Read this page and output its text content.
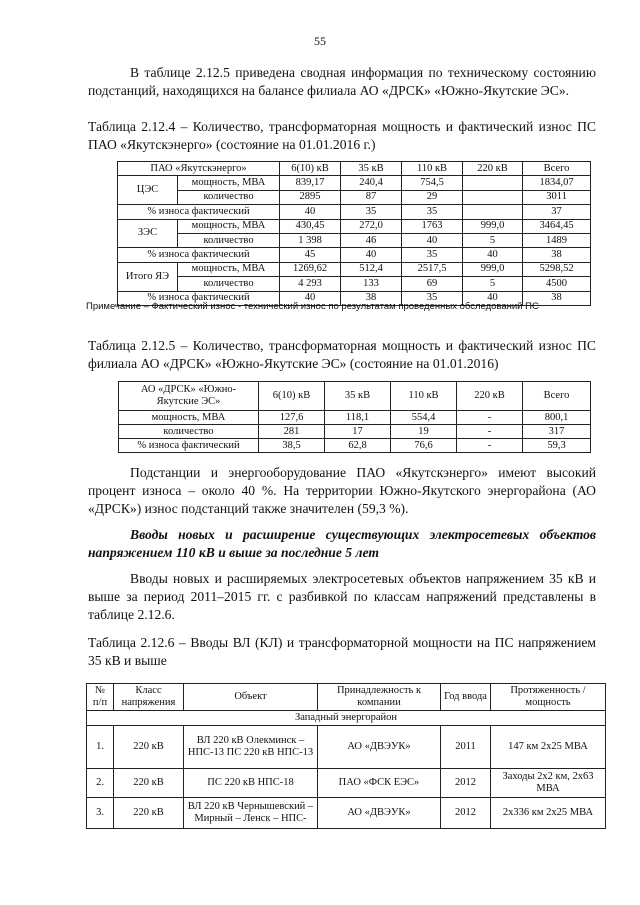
55
В таблице 2.12.5 приведена сводная информация по техническому состоянию подстанций, находящихся на балансе филиала АО «ДРСК» «Южно-Якутские ЭС».
Таблица 2.12.4 – Количество, трансформаторная мощность и фактический износ ПС ПАО «Якутскэнерго» (состояние на 01.01.2016 г.)
ПАО «Якутскэнерго»		6(10) кВ	35 кВ	110 кВ	220 кВ	Всего
ЦЭС	мощность, МВА	839,17	240,4	754,5		1834,07
	количество	2895	87	29		3011
% износа фактический		40	35	35		37
ЗЭС	мощность, МВА	430,45	272,0	1763	999,0	3464,45
	количество	1 398	46	40	5	1489
% износа фактический		45	40	35	40	38
Итого ЯЭ	мощность, МВА	1269,62	512,4	2517,5	999,0	5298,52
	количество	4 293	133	69	5	4500
% износа фактический		40	38	35	40	38
Примечание – Фактический износ - технический износ по результатам проведенных обследований ПС
Таблица 2.12.5 – Количество, трансформаторная мощность и фактический износ ПС филиала АО «ДРСК» «Южно-Якутские ЭС» (состояние на 01.01.2016)
АО «ДРСК» «Южно-Якутские ЭС»	6(10) кВ	35 кВ	110 кВ	220 кВ	Всего
мощность, МВА	127,6	118,1	554,4	-	800,1
количество	281	17	19	-	317
% износа фактический	38,5	62,8	76,6	-	59,3
Подстанции и энергооборудование ПАО «Якутскэнерго» имеют высокий процент износа – около 40 %. На территории Южно-Якутского энергорайона (АО «ДРСК») износ подстанций также значителен (59,3 %).
Вводы новых и расширение существующих электросетевых объектов напряжением 110 кВ и выше за последние 5 лет
Вводы новых и расширяемых электросетевых объектов напряжением 35 кВ и выше за период 2011–2015 гг. с разбивкой по классам напряжений представлены в таблице 2.12.6.
Таблица 2.12.6 – Вводы ВЛ (КЛ) и трансформаторной мощности на ПС напряжением 35 кВ и выше
№ п/п	Класс напряжения	Объект	Принадлежность к компании	Год ввода	Протяженность / мощность
Западный энергорайон					
1.	220 кВ	ВЛ 220 кВ Олекминск – НПС-13 ПС 220 кВ НПС-13	АО «ДВЭУК»	2011	147 км 2х25 МВА
2.	220 кВ	ПС 220 кВ НПС-18	ПАО «ФСК ЕЭС»	2012	Заходы 2х2 км, 2х63 МВА
3.	220 кВ	ВЛ 220 кВ Чернышевский – Мирный – Ленск – НПС-	АО «ДВЭУК»	2012	2х336 км 2х25 МВА
